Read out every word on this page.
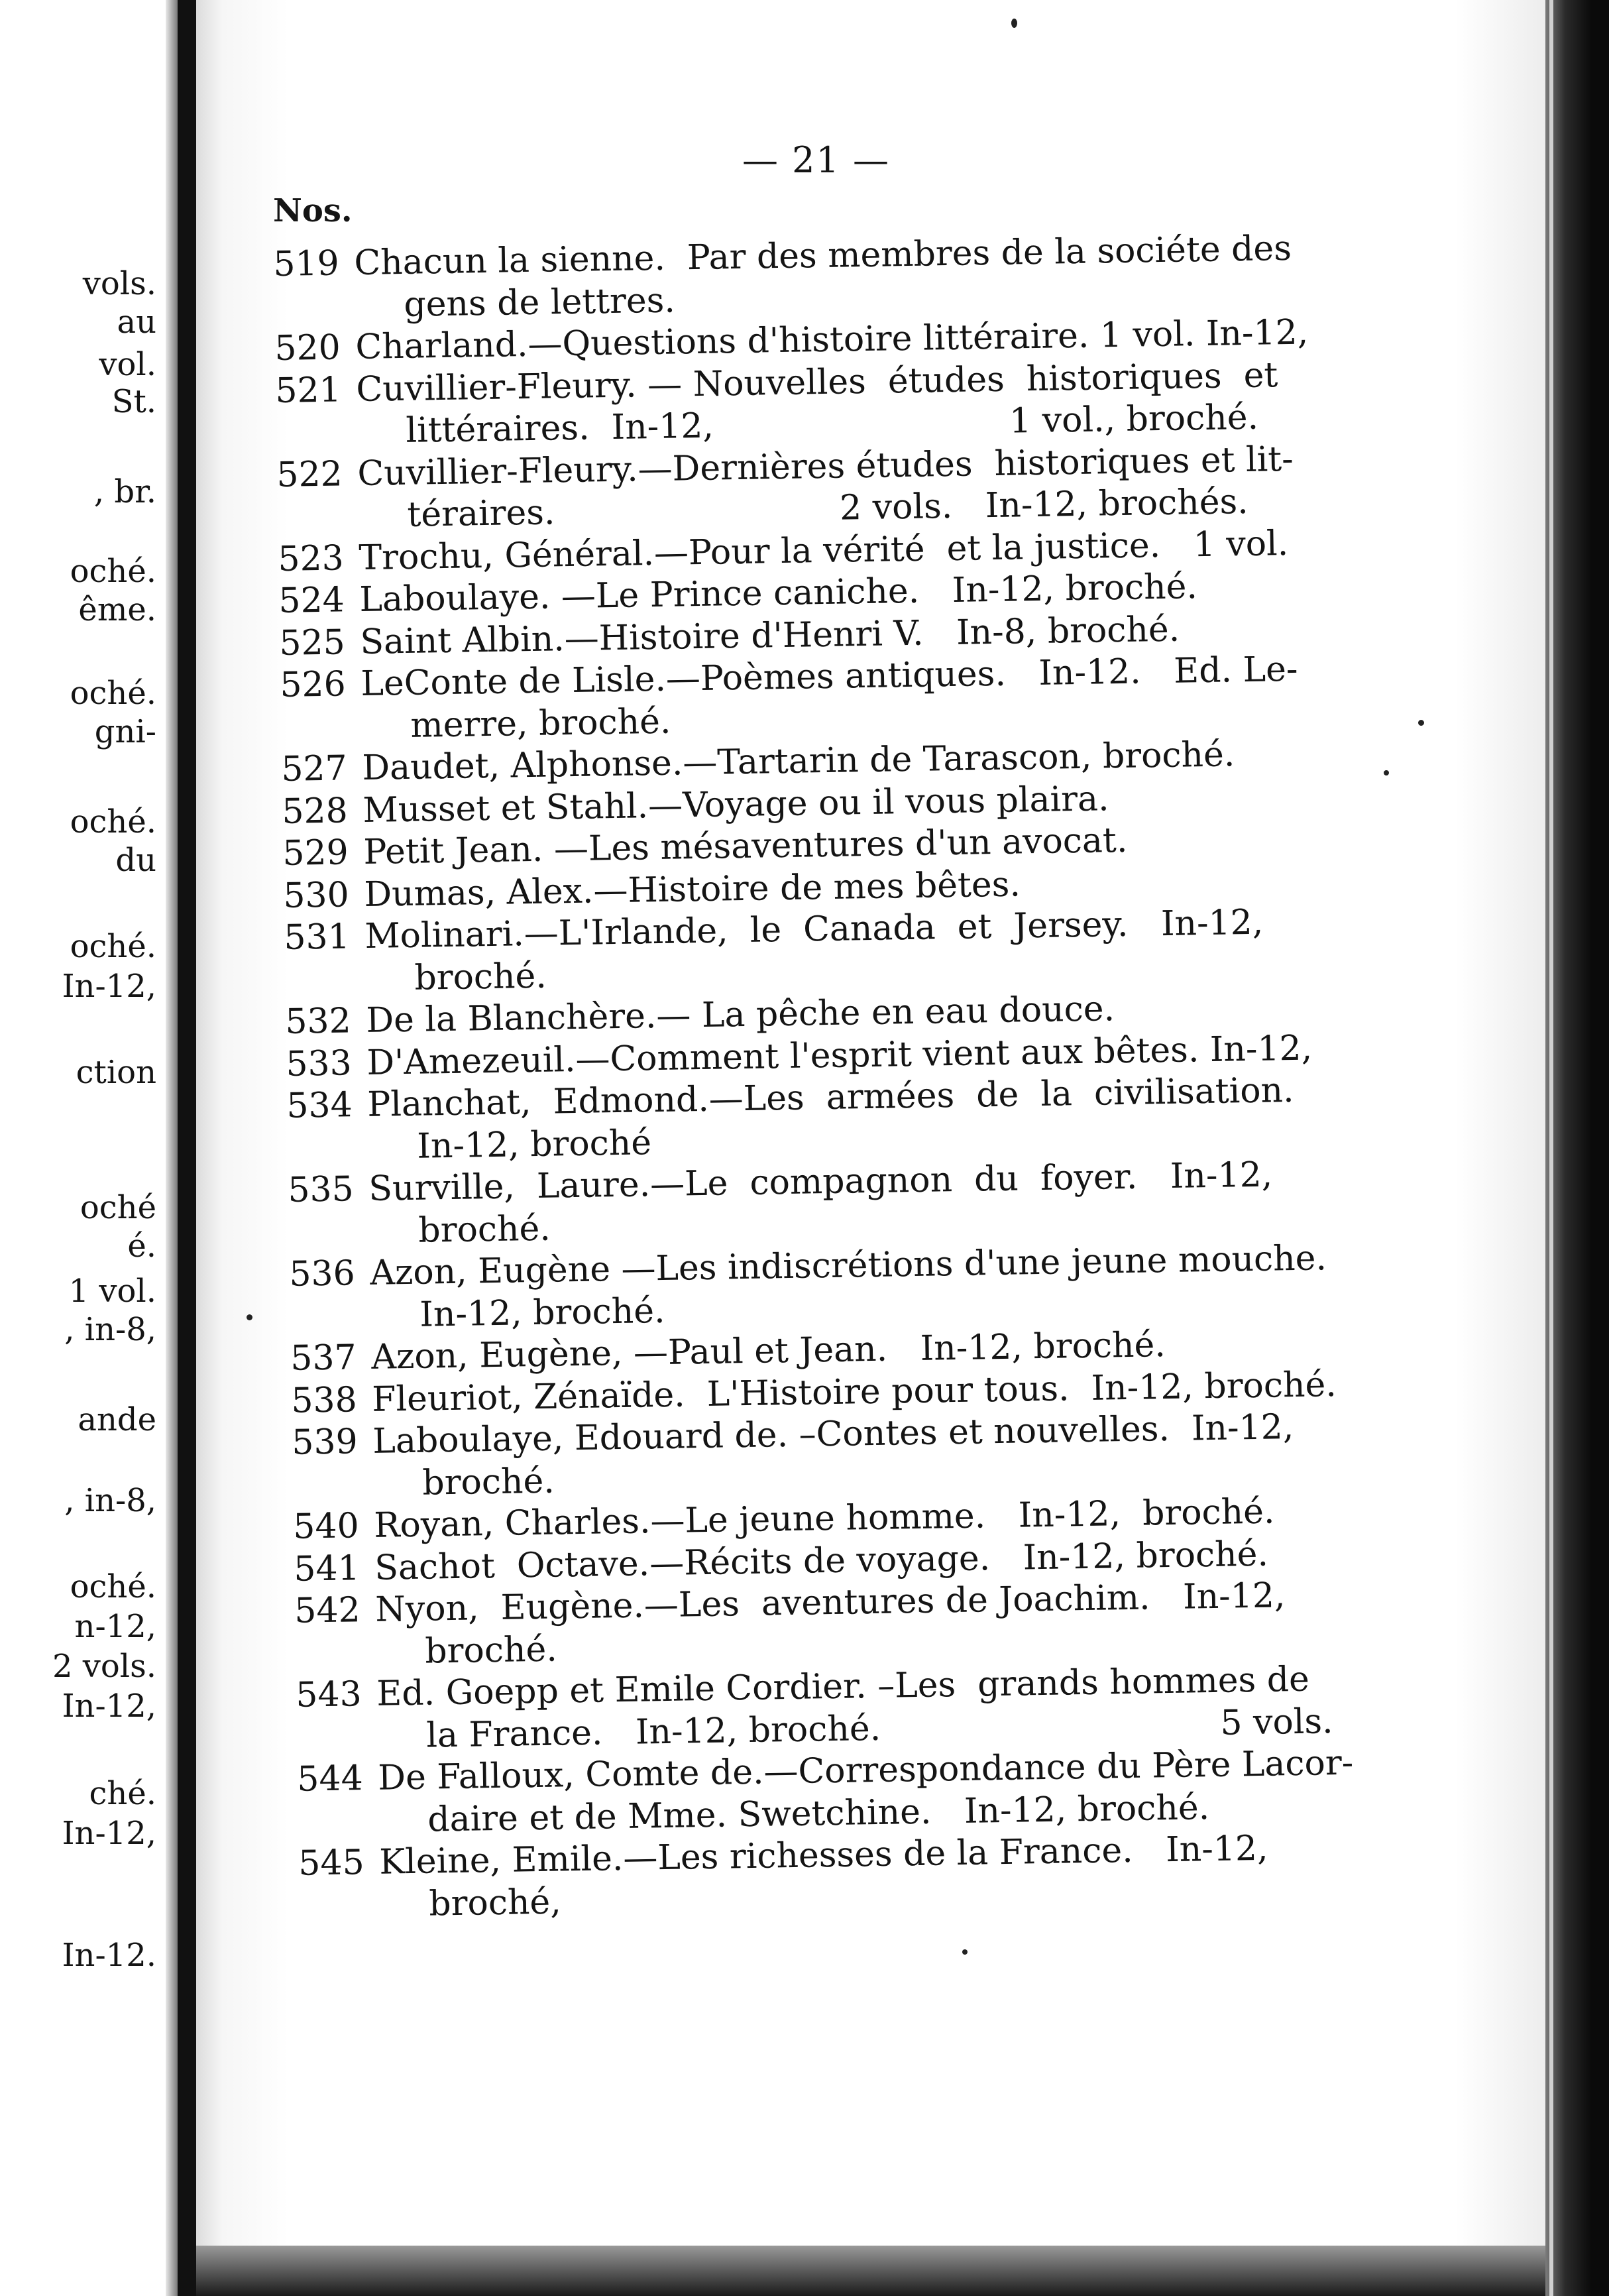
vols.
au
vol.
St.
, br.
oché.
ême.
oché.
gni-
oché.
du
oché.
In-12,
ction
oché
é.
1 vol.
, in-8,
ande
, in-8,
oché.
n-12,
2 vols.
In-12,
ché.
In-12,
In-12.
— 21 —
Nos.
519 Chacun la sienne.  Par des membres de la sociéte des
gens de lettres.
520 Charland.—Questions d'histoire littéraire. 1 vol. In-12,
521 Cuvillier-Fleury. — Nouvelles  études  historiques  et
littéraires.  In-12,                           1 vol., broché.
522 Cuvillier-Fleury.—Dernières études  historiques et lit-
téraires.                          2 vols.   In-12, brochés.
523 Trochu, Général.—Pour la vérité  et la justice.   1 vol.
524 Laboulaye. —Le Prince caniche.   In-12, broché.
525 Saint Albin.—Histoire d'Henri V.   In-8, broché.
526 LeConte de Lisle.—Poèmes antiques.   In-12.   Ed. Le-
merre, broché.
527 Daudet, Alphonse.—Tartarin de Tarascon, broché.
528 Musset et Stahl.—Voyage ou il vous plaira.
529 Petit Jean. —Les mésaventures d'un avocat.
530 Dumas, Alex.—Histoire de mes bêtes.
531 Molinari.—L'Irlande,  le  Canada  et  Jersey.   In-12,
broché.
532 De la Blanchère.— La pêche en eau douce.
533 D'Amezeuil.—Comment l'esprit vient aux bêtes. In-12,
534 Planchat,  Edmond.—Les  armées  de  la  civilisation.
In-12, broché
535 Surville,  Laure.—Le  compagnon  du  foyer.   In-12,
broché.
536 Azon, Eugène —Les indiscrétions d'une jeune mouche.
In-12, broché.
537 Azon, Eugène, —Paul et Jean.   In-12, broché.
538 Fleuriot, Zénaïde.  L'Histoire pour tous.  In-12, broché.
539 Laboulaye, Edouard de. –Contes et nouvelles.  In-12,
broché.
540 Royan, Charles.—Le jeune homme.   In-12,  broché.
541 Sachot  Octave.—Récits de voyage.   In-12, broché.
542 Nyon,  Eugène.—Les  aventures de Joachim.   In-12,
broché.
543 Ed. Goepp et Emile Cordier. –Les  grands hommes de
la France.   In-12, broché.                               5 vols.
544 De Falloux, Comte de.—Correspondance du Père Lacor-
daire et de Mme. Swetchine.   In-12, broché.
545 Kleine, Emile.—Les richesses de la France.   In-12,
broché,
